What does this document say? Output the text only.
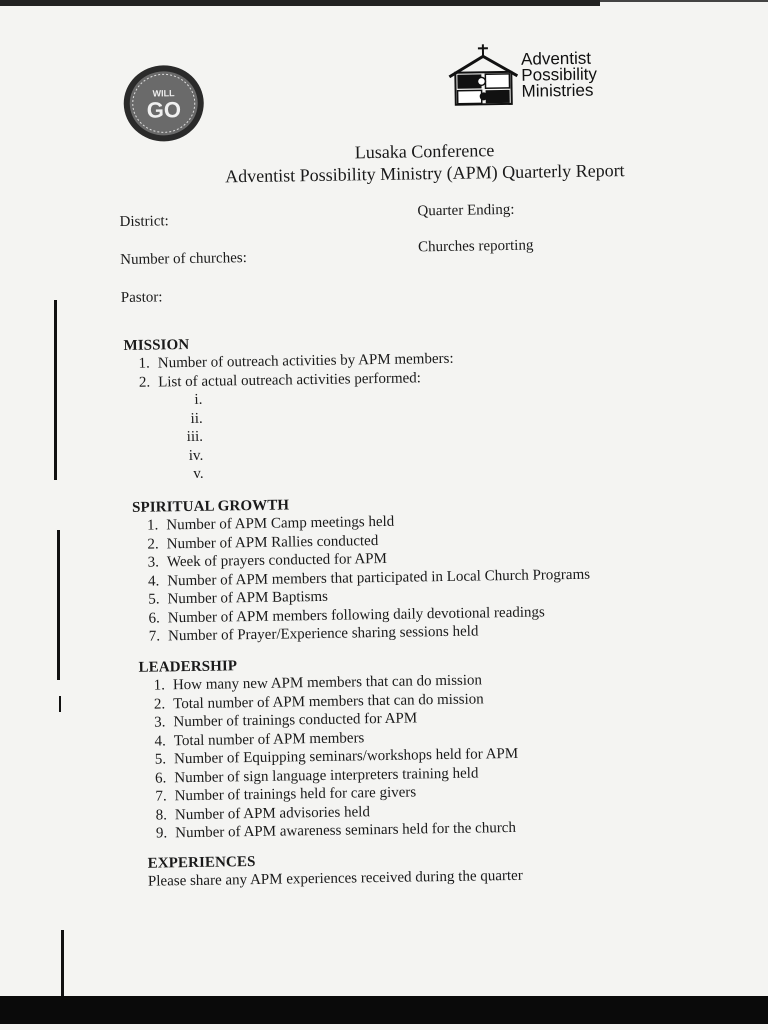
WILL
GO
Adventist
Possibility
Ministries
Lusaka Conference
Adventist Possibility Ministry (APM) Quarterly Report
District:
Quarter Ending:
Number of churches:
Churches reporting
Pastor:
MISSION
1. Number of outreach activities by APM members:
2. List of actual outreach activities performed:
i.
ii.
iii.
iv.
v.
SPIRITUAL GROWTH
1. Number of APM Camp meetings held
2. Number of APM Rallies conducted
3. Week of prayers conducted for APM
4. Number of APM members that participated in Local Church Programs
5. Number of APM Baptisms
6. Number of APM members following daily devotional readings
7. Number of Prayer/Experience sharing sessions held
LEADERSHIP
1. How many new APM members that can do mission
2. Total number of APM members that can do mission
3. Number of trainings conducted for APM
4. Total number of APM members
5. Number of Equipping seminars/workshops held for APM
6. Number of sign language interpreters training held
7. Number of trainings held for care givers
8. Number of APM advisories held
9. Number of APM awareness seminars held for the church
EXPERIENCES
Please share any APM experiences received during the quarter
